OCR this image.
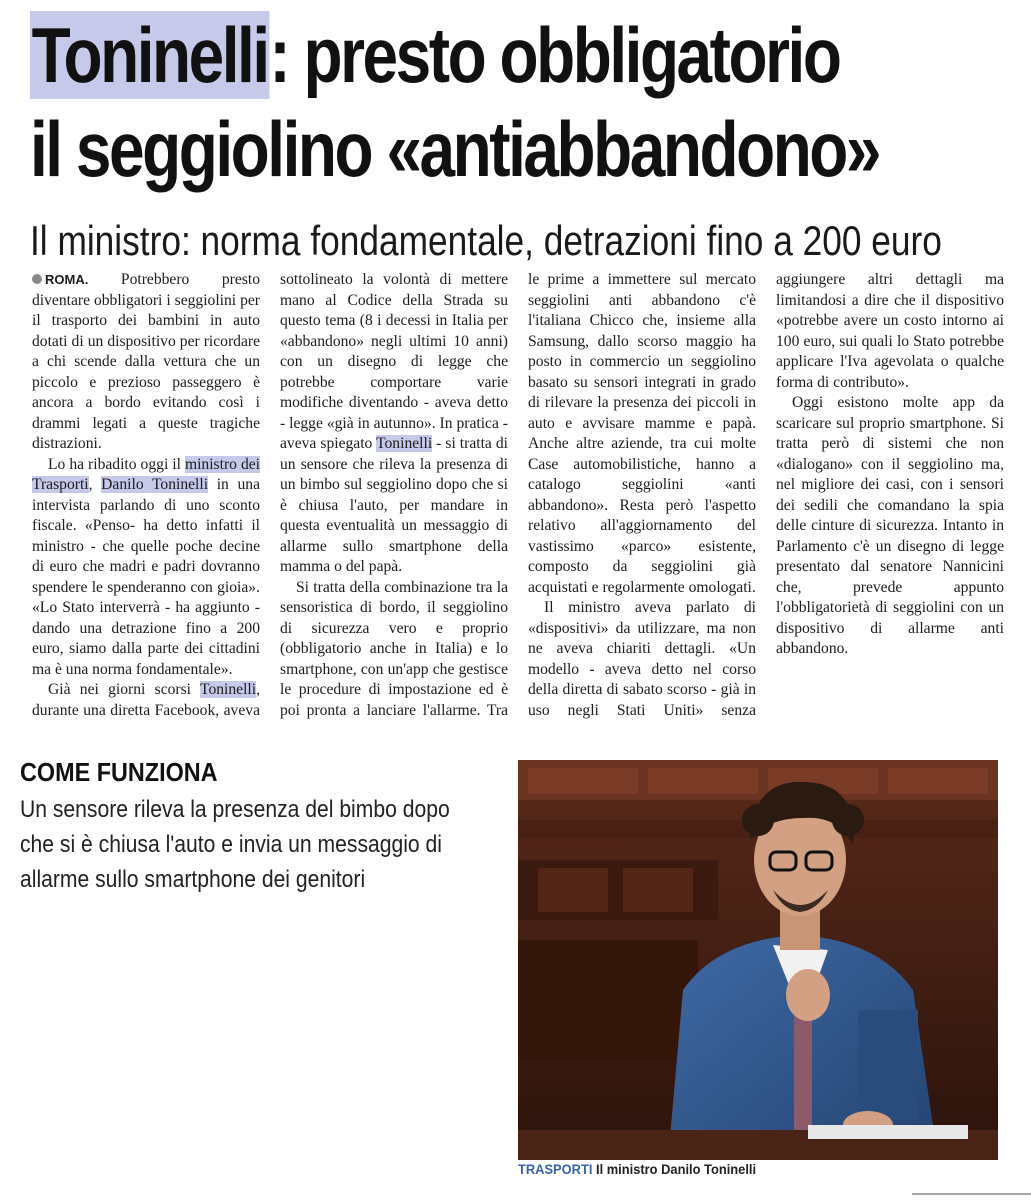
Toninelli: presto obbligatorio
il seggiolino «antiabbandono»
Il ministro: norma fondamentale, detrazioni fino a 200 euro

ROMA. Potrebbero presto diventare obbligatori i seggiolini per il trasporto dei bambini in auto dotati di un dispositivo per ricordare a chi scende dalla vettura che un piccolo e prezioso passeggero è ancora a bordo evitando così i drammi legati a queste tragiche distrazioni.

Lo ha ribadito oggi il ministro dei Trasporti, Danilo Toninelli in una intervista parlando di uno sconto fiscale. «Penso- ha detto infatti il ministro - che quelle poche decine di euro che madri e padri dovranno spendere le spenderanno con gioia». «Lo Stato interverrà - ha aggiunto - dando una detrazione fino a 200 euro, siamo dalla parte dei cittadini ma è una norma fondamentale».

Già nei giorni scorsi Toninelli, durante una diretta Facebook, aveva sottolineato la volontà di mettere mano al Codice della Strada su questo tema (8 i decessi in Italia per «abbandono» negli ultimi 10 anni) con un disegno di legge che potrebbe comportare varie modifiche diventando - aveva detto - legge «già in autunno». In pratica - aveva spiegato Toninelli - si tratta di un sensore che rileva la presenza di un bimbo sul seggiolino dopo che si è chiusa l'auto, per mandare in questa eventualità un messaggio di allarme sullo smartphone della mamma o del papà.

Si tratta della combinazione tra la sensoristica di bordo, il seggiolino di sicurezza vero e proprio (obbligatorio anche in Italia) e lo smartphone, con un'app che gestisce le procedure di impostazione ed è poi pronta a lanciare l'allarme. Tra le prime a immettere sul mercato seggiolini anti abbandono c'è l'italiana Chicco che, insieme alla Samsung, dallo scorso maggio ha posto in commercio un seggiolino basato su sensori integrati in grado di rilevare la presenza dei piccoli in auto e avvisare mamme e papà. Anche altre aziende, tra cui molte Case automobilistiche, hanno a catalogo seggiolini «anti abbandono». Resta però l'aspetto relativo all'aggiornamento del vastissimo «parco» esistente, composto da seggiolini già acquistati e regolarmente omologati.

Il ministro aveva parlato di «dispositivi» da utilizzare, ma non ne aveva chiariti dettagli. «Un modello - aveva detto nel corso della diretta di sabato scorso - già in uso negli Stati Uniti» senza aggiungere altri dettagli ma limitandosi a dire che il dispositivo «potrebbe avere un costo intorno ai 100 euro, sui quali lo Stato potrebbe applicare l'Iva agevolata o qualche forma di contributo».

Oggi esistono molte app da scaricare sul proprio smartphone. Si tratta però di sistemi che non «dialogano» con il seggiolino ma, nel migliore dei casi, con i sensori dei sedili che comandano la spia delle cinture di sicurezza. Intanto in Parlamento c'è un disegno di legge presentato dal senatore Nannicini che, prevede appunto l'obbligatorietà di seggiolini con un dispositivo di allarme anti abbandono.

COME FUNZIONA
Un sensore rileva la presenza del bimbo dopo che si è chiusa l'auto e invia un messaggio di allarme sullo smartphone dei genitori
TRASPORTI Il ministro Danilo Toninelli
